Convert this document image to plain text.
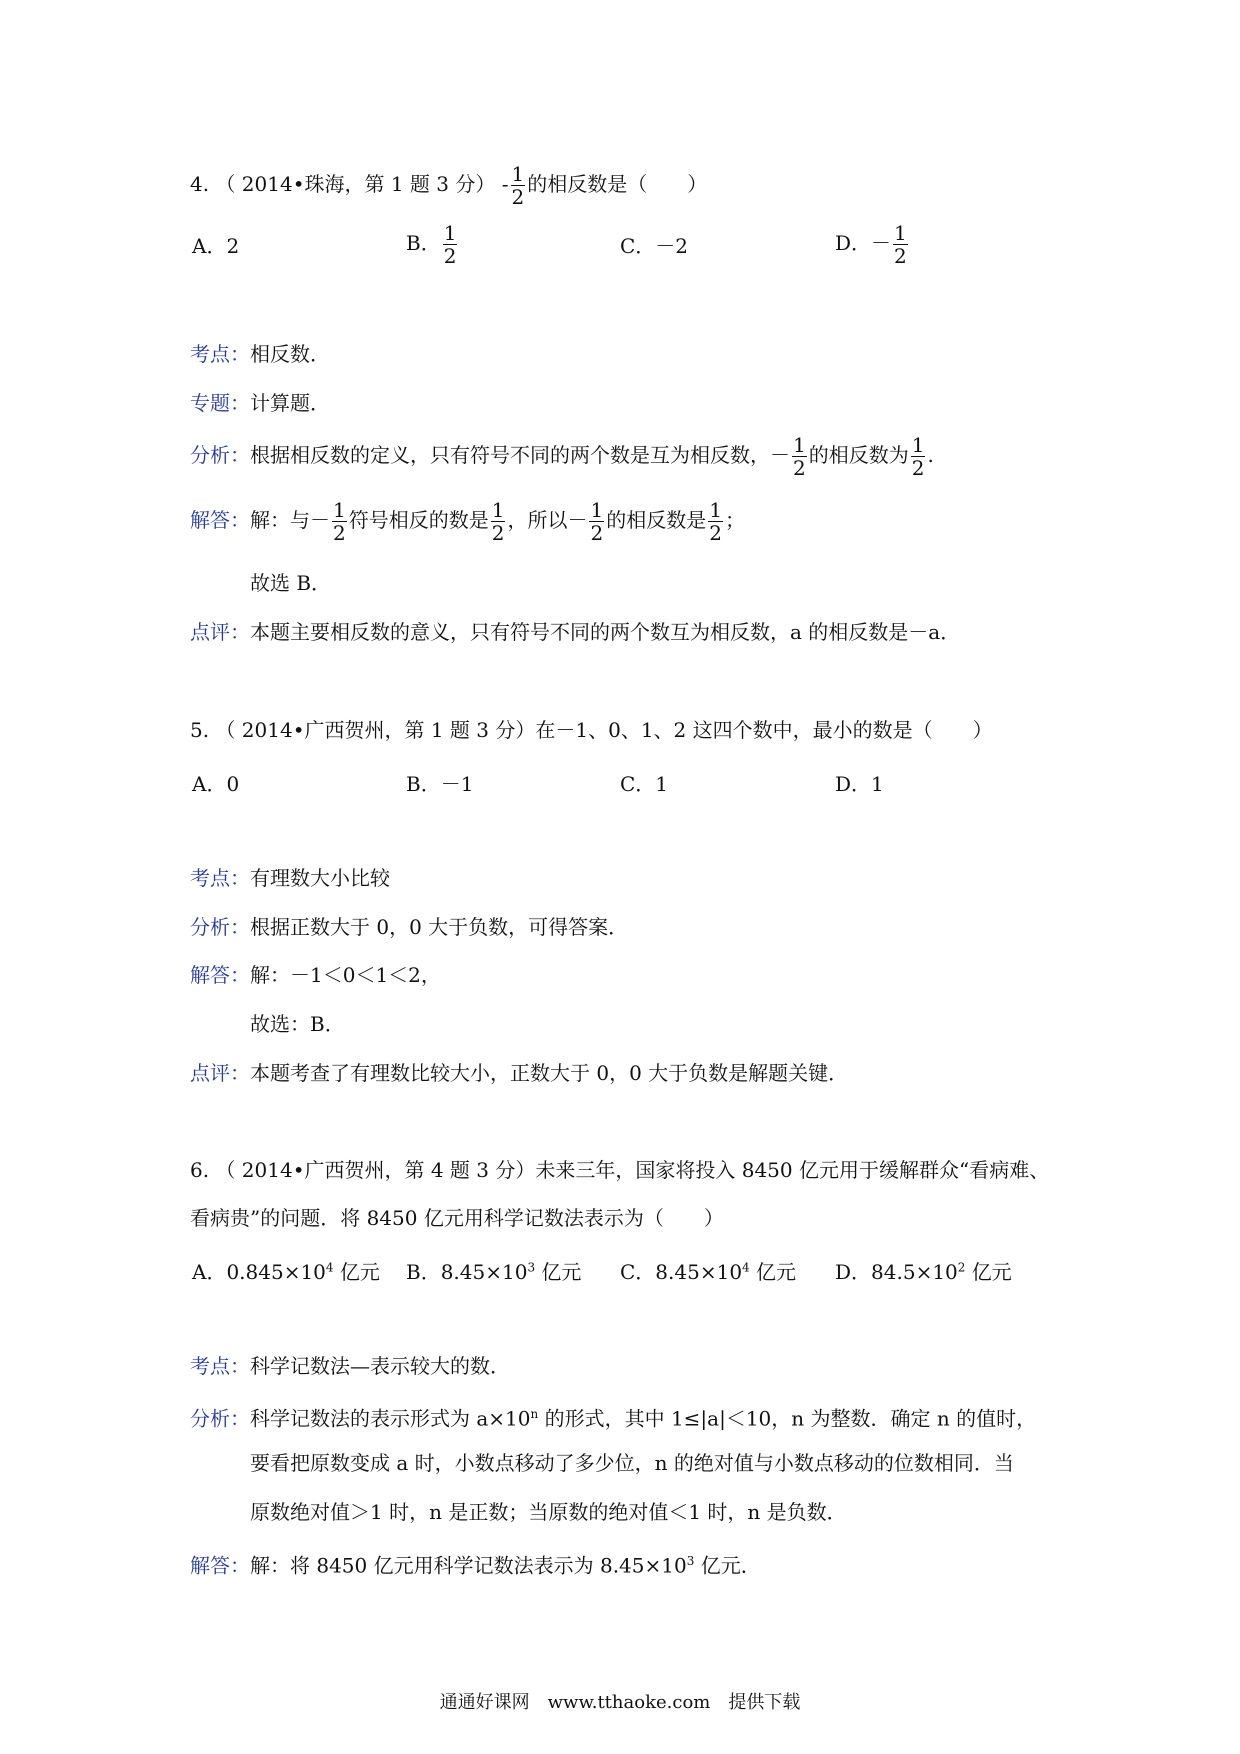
4. （ 2014•珠海，第 1 题 3 分） - $\frac{1}{2}$ 的相反数是（　　）
A．2	B． $\frac{1}{2}$	C．－2	D．－ $\frac{1}{2}$
考点：相反数．
专题：计算题．
分析：根据相反数的定义，只有符号不同的两个数是互为相反数，－ $\frac{1}{2}$ 的相反数为 $\frac{1}{2}$ .
解答：解：与－ $\frac{1}{2}$ 符号相反的数是 $\frac{1}{2}$ ，所以－ $\frac{1}{2}$ 的相反数是 $\frac{1}{2}$ ；
故选 B．
点评：本题主要相反数的意义，只有符号不同的两个数互为相反数，a 的相反数是－a．
5. （ 2014•广西贺州，第 1 题 3 分）在－1、0、1、2 这四个数中，最小的数是（　　）
A．0	B．－1	C．1	D．1
考点：有理数大小比较
分析：根据正数大于 0，0 大于负数，可得答案．
解答：解：－1＜0＜1＜2，
故选：B．
点评：本题考查了有理数比较大小，正数大于 0，0 大于负数是解题关键．
6. （ 2014•广西贺州，第 4 题 3 分）未来三年，国家将投入 8450 亿元用于缓解群众“看病难、
看病贵”的问题．将 8450 亿元用科学记数法表示为（　　）
A．$0.845\times 10^4$ 亿元 B．$8.45\times 10^3$ 亿元 C．$8.45\times 10^4$ 亿元 D．$84.5\times 10^2$ 亿元
考点：科学记数法—表示较大的数．
分析：科学记数法的表示形式为 $a\times 10^n$ 的形式，其中 1≤|a|＜10，n 为整数．确定 n 的值时，
要看把原数变成 a 时，小数点移动了多少位，n 的绝对值与小数点移动的位数相同．当
原数绝对值＞1 时，n 是正数；当原数的绝对值＜1 时，n 是负数．
解答：解：将 8450 亿元用科学记数法表示为 $8.45\times 10^3$ 亿元．
通通好课网　www.tthaoke.com　提供下载
